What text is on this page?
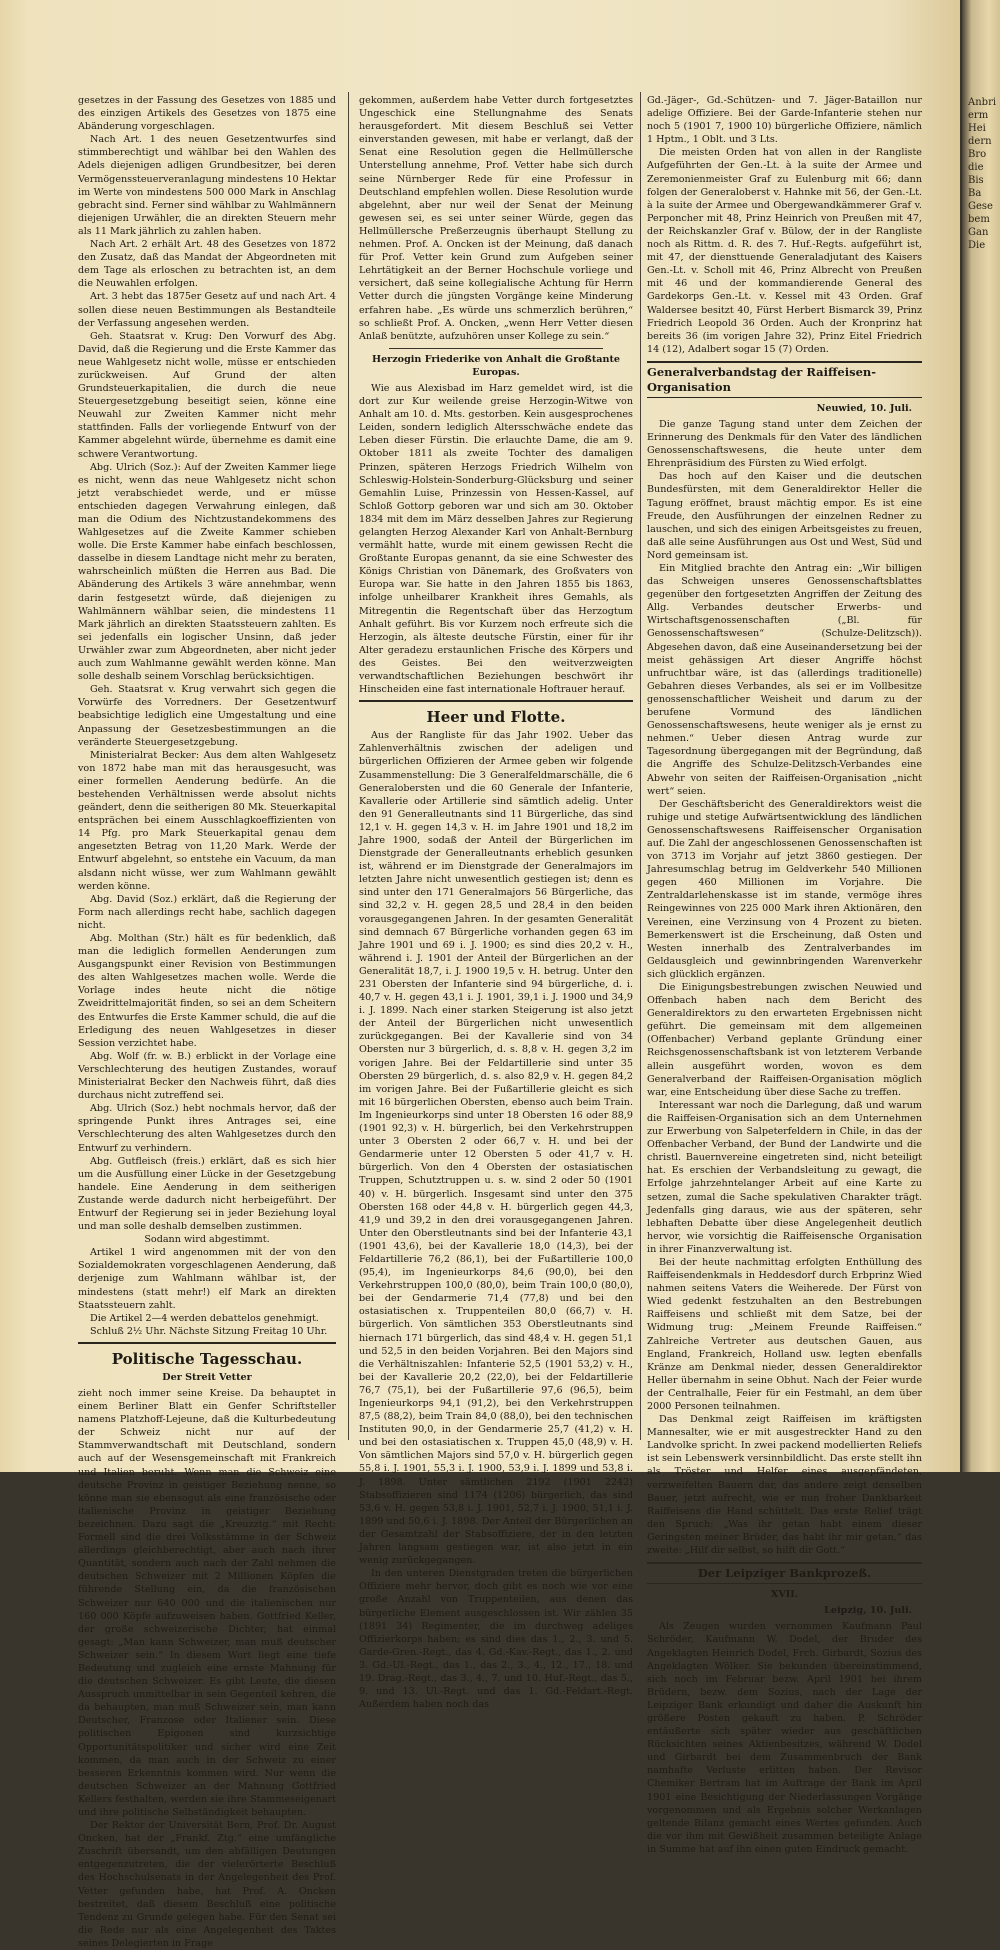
gesetzes in der Fassung des Gesetzes von 1885 und des einzigen Artikels des Gesetzes von 1875 eine Abänderung vorgeschlagen.

Nach Art. 1 des neuen Gesetzentwurfes sind stimmberechtigt und wählbar bei den Wahlen des Adels diejenigen adligen Grundbesitzer, bei deren Vermögenssteuerveranlagung mindestens 10 Hektar im Werte von mindestens 500 000 Mark in Anschlag gebracht sind. Ferner sind wählbar zu Wahlmännern diejenigen Urwähler, die an direkten Steuern mehr als 11 Mark jährlich zu zahlen haben.

Nach Art. 2 erhält Art. 48 des Gesetzes von 1872 den Zusatz, daß das Mandat der Abgeordneten mit dem Tage als erloschen zu betrachten ist, an dem die Neuwahlen erfolgen.

Art. 3 hebt das 1875er Gesetz auf und nach Art. 4 sollen diese neuen Bestimmungen als Bestandteile der Verfassung angesehen werden.

Geh. Staatsrat v. Krug: Den Vorwurf des Abg. David, daß die Regierung und die Erste Kammer das neue Wahlgesetz nicht wolle, müsse er entschieden zurückweisen. Auf Grund der alten Grundsteuerkapitalien, die durch die neue Steuergesetzgebung beseitigt seien, könne eine Neuwahl zur Zweiten Kammer nicht mehr stattfinden. Falls der vorliegende Entwurf von der Kammer abgelehnt würde, übernehme es damit eine schwere Verantwortung.

Abg. Ulrich (Soz.): Auf der Zweiten Kammer liege es nicht, wenn das neue Wahlgesetz nicht schon jetzt verabschiedet werde, und er müsse entschieden dagegen Verwahrung einlegen, daß man die Odium des Nichtzustandekommens des Wahlgesetzes auf die Zweite Kammer schieben wolle. Die Erste Kammer habe einfach beschlossen, dasselbe in diesem Landtage nicht mehr zu beraten, wahrscheinlich müßten die Herren aus Bad. Die Abänderung des Artikels 3 wäre annehmbar, wenn darin festgesetzt würde, daß diejenigen zu Wahlmännern wählbar seien, die mindestens 11 Mark jährlich an direkten Staatssteuern zahlten. Es sei jedenfalls ein logischer Unsinn, daß jeder Urwähler zwar zum Abgeordneten, aber nicht jeder auch zum Wahlmanne gewählt werden könne. Man solle deshalb seinem Vorschlag berücksichtigen.

Geh. Staatsrat v. Krug verwahrt sich gegen die Vorwürfe des Vorredners. Der Gesetzentwurf beabsichtige lediglich eine Umgestaltung und eine Anpassung der Gesetzesbestimmungen an die veränderte Steuergesetzgebung.

Ministerialrat Becker: Aus dem alten Wahlgesetz von 1872 habe man mit das herausgesucht, was einer formellen Aenderung bedürfe. An die bestehenden Verhältnissen werde absolut nichts geändert, denn die seitherigen 80 Mk. Steuerkapital entsprächen bei einem Ausschlagkoeffizienten von 14 Pfg. pro Mark Steuerkapital genau dem angesetzten Betrag von 11,20 Mark. Werde der Entwurf abgelehnt, so entstehe ein Vacuum, da man alsdann nicht wüsse, wer zum Wahlmann gewählt werden könne.

Abg. David (Soz.) erklärt, daß die Regierung der Form nach allerdings recht habe, sachlich dagegen nicht.

Abg. Molthan (Str.) hält es für bedenklich, daß man die lediglich formellen Aenderungen zum Ausgangspunkt einer Revision von Bestimmungen des alten Wahlgesetzes machen wolle. Werde die Vorlage indes heute nicht die nötige Zweidrittelmajorität finden, so sei an dem Scheitern des Entwurfes die Erste Kammer schuld, die auf die Erledigung des neuen Wahlgesetzes in dieser Session verzichtet habe.

Abg. Wolf (fr. w. B.) erblickt in der Vorlage eine Verschlechterung des heutigen Zustandes, worauf Ministerialrat Becker den Nachweis führt, daß dies durchaus nicht zutreffend sei.

Abg. Ulrich (Soz.) hebt nochmals hervor, daß der springende Punkt ihres Antrages sei, eine Verschlechterung des alten Wahlgesetzes durch den Entwurf zu verhindern.

Abg. Gutfleisch (freis.) erklärt, daß es sich hier um die Ausfüllung einer Lücke in der Gesetzgebung handele. Eine Aenderung in dem seitherigen Zustande werde dadurch nicht herbeigeführt. Der Entwurf der Regierung sei in jeder Beziehung loyal und man solle deshalb demselben zustimmen.

Sodann wird abgestimmt.

Artikel 1 wird angenommen mit der von den Sozialdemokraten vorgeschlagenen Aenderung, daß derjenige zum Wahlmann wählbar ist, der mindestens (statt mehr!) elf Mark an direkten Staatssteuern zahlt.

Die Artikel 2—4 werden debattelos genehmigt.

Schluß 2½ Uhr. Nächste Sitzung Freitag 10 Uhr.

Politische Tagesschau.
Der Streit Vetter

zieht noch immer seine Kreise. Da behauptet in einem Berliner Blatt ein Genfer Schriftsteller namens Platzhoff-Lejeune, daß die Kulturbedeutung der Schweiz nicht nur auf der Stammverwandtschaft mit Deutschland, sondern auch auf der Wesensgemeinschaft mit Frankreich und Italien beruht. Wenn man die Schweiz eine deutsche Provinz in geistiger Beziehung nenne, so könne man sie ebensogut als eine französische oder italienische Provinz in geistiger Beziehung bezeichnen. Dazu sagt die „Kreuzztg.“ mit Recht: Formell sind die drei Volksstämme in der Schweiz allerdings gleichberechtigt, aber auch nach ihrer Quantität, sondern auch nach der Zahl nehmen die deutschen Schweizer mit 2 Millionen Köpfen die führende Stellung ein, da die französischen Schweizer nur 640 000 und die italienischen nur 160 000 Köpfe aufzuweisen haben. Gottfried Keller, der große schweizerische Dichter, hat einmal gesagt: „Man kann Schweizer, man muß deutscher Schweizer sein.“ In diesem Wort liegt eine tiefe Bedeutung und zugleich eine ernste Mahnung für die deutschen Schweizer. Es gibt Leute, die diesen Ausspruch unmittelbar in sein Gegenteil kehren, die da behaupten, man muß Schweizer sein, man kann Deutscher, Franzose oder Italiener sein. Diese politischen Epigonen sind kurzsichtige Opportunitätspolitiker und sicher wird eine Zeit kommen, da man auch in der Schweiz zu einer besseren Erkenntnis kommen wird. Nur wenn die deutschen Schweizer an der Mahnung Gottfried Kellers festhalten, werden sie ihre Stammeseigenart und ihre politische Selbständigkeit behaupten.

Der Rektor der Universität Bern, Prof. Dr. August Oncken, hat der „Frankf. Ztg.“ eine umfängliche Zuschrift übersandt, um den abfälligen Deutungen entgegenzutreten, die der vielerörterte Beschluß des Hochschulsenats in der Angelegenheit des Prof. Vetter gefunden habe, hat Prof. A. Oncken bestreitet, daß diesem Beschluß eine politische Tendenz zu Grunde gelegen habe. Für den Senat sei die Rede nur als eine Angelegenheit des Taktes seines Delegierten in Frage

gekommen, außerdem habe Vetter durch fortgesetztes Ungeschick eine Stellungnahme des Senats herausgefordert. Mit diesem Beschluß sei Vetter einverstanden gewesen, mit habe er verlangt, daß der Senat eine Resolution gegen die Hellmüllersche Unterstellung annehme, Prof. Vetter habe sich durch seine Nürnberger Rede für eine Professur in Deutschland empfehlen wollen. Diese Resolution wurde abgelehnt, aber nur weil der Senat der Meinung gewesen sei, es sei unter seiner Würde, gegen das Hellmüllersche Preßerzeugnis überhaupt Stellung zu nehmen. Prof. A. Oncken ist der Meinung, daß danach für Prof. Vetter kein Grund zum Aufgeben seiner Lehrtätigkeit an der Berner Hochschule vorliege und versichert, daß seine kollegialische Achtung für Herrn Vetter durch die jüngsten Vorgänge keine Minderung erfahren habe. „Es würde uns schmerzlich berühren,“ so schließt Prof. A. Oncken, „wenn Herr Vetter diesen Anlaß benützte, aufzuhören unser Kollege zu sein.“

Herzogin Friederike von Anhalt die Großtante Europas.

Wie aus Alexisbad im Harz gemeldet wird, ist die dort zur Kur weilende greise Herzogin-Witwe von Anhalt am 10. d. Mts. gestorben. Kein ausgesprochenes Leiden, sondern lediglich Altersschwäche endete das Leben dieser Fürstin. Die erlauchte Dame, die am 9. Oktober 1811 als zweite Tochter des damaligen Prinzen, späteren Herzogs Friedrich Wilhelm von Schleswig-Holstein-Sonderburg-Glücksburg und seiner Gemahlin Luise, Prinzessin von Hessen-Kassel, auf Schloß Gottorp geboren war und sich am 30. Oktober 1834 mit dem im März desselben Jahres zur Regierung gelangten Herzog Alexander Karl von Anhalt-Bernburg vermählt hatte, wurde mit einem gewissen Recht die Großtante Europas genannt, da sie eine Schwester des Königs Christian von Dänemark, des Großvaters von Europa war. Sie hatte in den Jahren 1855 bis 1863, infolge unheilbarer Krankheit ihres Gemahls, als Mitregentin die Regentschaft über das Herzogtum Anhalt geführt. Bis vor Kurzem noch erfreute sich die Herzogin, als älteste deutsche Fürstin, einer für ihr Alter geradezu erstaunlichen Frische des Körpers und des Geistes. Bei den weitverzweigten verwandtschaftlichen Beziehungen beschwört ihr Hinscheiden eine fast internationale Hoftrauer herauf.

Heer und Flotte.

Aus der Rangliste für das Jahr 1902. Ueber das Zahlenverhältnis zwischen der adeligen und bürgerlichen Offizieren der Armee geben wir folgende Zusammenstellung: Die 3 Generalfeldmarschälle, die 6 Generalobersten und die 60 Generale der Infanterie, Kavallerie oder Artillerie sind sämtlich adelig. Unter den 91 Generalleutnants sind 11 Bürgerliche, das sind 12,1 v. H. gegen 14,3 v. H. im Jahre 1901 und 18,2 im Jahre 1900, sodaß der Anteil der Bürgerlichen im Dienstgrade der Generalleutnants erheblich gesunken ist, während er im Dienstgrade der Generalmajors im letzten Jahre nicht unwesentlich gestiegen ist; denn es sind unter den 171 Generalmajors 56 Bürgerliche, das sind 32,2 v. H. gegen 28,5 und 28,4 in den beiden vorausgegangenen Jahren. In der gesamten Generalität sind demnach 67 Bürgerliche vorhanden gegen 63 im Jahre 1901 und 69 i. J. 1900; es sind dies 20,2 v. H., während i. J. 1901 der Anteil der Bürgerlichen an der Generalität 18,7, i. J. 1900 19,5 v. H. betrug. Unter den 231 Obersten der Infanterie sind 94 bürgerliche, d. i. 40,7 v. H. gegen 43,1 i. J. 1901, 39,1 i. J. 1900 und 34,9 i. J. 1899. Nach einer starken Steigerung ist also jetzt der Anteil der Bürgerlichen nicht unwesentlich zurückgegangen. Bei der Kavallerie sind von 34 Obersten nur 3 bürgerlich, d. s. 8,8 v. H. gegen 3,2 im vorigen Jahre. Bei der Feldartillerie sind unter 35 Obersten 29 bürgerlich, d. s. also 82,9 v. H. gegen 84,2 im vorigen Jahre. Bei der Fußartillerie gleicht es sich mit 16 bürgerlichen Obersten, ebenso auch beim Train. Im Ingenieurkorps sind unter 18 Obersten 16 oder 88,9 (1901 92,3) v. H. bürgerlich, bei den Verkehrstruppen unter 3 Obersten 2 oder 66,7 v. H. und bei der Gendarmerie unter 12 Obersten 5 oder 41,7 v. H. bürgerlich. Von den 4 Obersten der ostasiatischen Truppen, Schutztruppen u. s. w. sind 2 oder 50 (1901 40) v. H. bürgerlich. Insgesamt sind unter den 375 Obersten 168 oder 44,8 v. H. bürgerlich gegen 44,3, 41,9 und 39,2 in den drei vorausgegangenen Jahren. Unter den Oberstleutnants sind bei der Infanterie 43,1 (1901 43,6), bei der Kavallerie 18,0 (14,3), bei der Feldartillerie 76,2 (86,1), bei der Fußartillerie 100,0 (95,4), im Ingenieurkorps 84,6 (90,0), bei den Verkehrstruppen 100,0 (80,0), beim Train 100,0 (80,0), bei der Gendarmerie 71,4 (77,8) und bei den ostasiatischen x. Truppenteilen 80,0 (66,7) v. H. bürgerlich. Von sämtlichen 353 Oberstleutnants sind hiernach 171 bürgerlich, das sind 48,4 v. H. gegen 51,1 und 52,5 in den beiden Vorjahren. Bei den Majors sind die Verhältniszahlen: Infanterie 52,5 (1901 53,2) v. H., bei der Kavallerie 20,2 (22,0), bei der Feldartillerie 76,7 (75,1), bei der Fußartillerie 97,6 (96,5), beim Ingenieurkorps 94,1 (91,2), bei den Verkehrstruppen 87,5 (88,2), beim Train 84,0 (88,0), bei den technischen Instituten 90,0, in der Gendarmerie 25,7 (41,2) v. H. und bei den ostasiatischen x. Truppen 45,0 (48,9) v. H. Von sämtlichen Majors sind 57,0 v. H. bürgerlich gegen 55,8 i. J. 1901, 55,3 i. J. 1900, 53,9 i. J. 1899 und 53,8 i. J. 1898. Unter sämtlichen 2192 (1901 2242) Stabsoffizieren sind 1174 (1206) bürgerlich, das sind 53,6 v. H. gegen 53,8 i. J. 1901, 52,7 i. J. 1900, 51,1 i. J. 1899 und 50,6 i. J. 1898. Der Anteil der Bürgerlichen an der Gesamtzahl der Stabsoffiziere, der in den letzten Jahren langsam gestiegen war, ist also jetzt in ein wenig zurückgegangen.

In den unteren Dienstgraden treten die bürgerlichen Offiziere mehr hervor, doch gibt es noch wie vor eine große Anzahl von Truppenteilen, aus denen das bürgerliche Element ausgeschlossen ist. Wir zählen 35 (1891 34) Regimenter, die im durchweg adeliges Offizierkorps haben; es sind dies das 1., 2., 3. und 5. Garde-Gren.-Regt., das 4. Gd.-Kav.-Regt., das 1., 2. und 3. Gd.-Ul.-Regt., das 1., das 2., 3., 4., 12., 17., 18. und 19. Drag.-Regt., das 3., 4., 7. und 10. Huf.-Regt., das 5., 9. und 13. Ul.-Regt. und das 1. Gd.-Feldart.-Regt. Außerdem haben noch das

Gd.-Jäger-, Gd.-Schützen- und 7. Jäger-Bataillon nur adelige Offiziere. Bei der Garde-Infanterie stehen nur noch 5 (1901 7, 1900 10) bürgerliche Offiziere, nämlich 1 Hptm., 1 Oblt. und 3 Lts.

Die meisten Orden hat von allen in der Rangliste Aufgeführten der Gen.-Lt. à la suite der Armee und Zeremonienmeister Graf zu Eulenburg mit 66; dann folgen der Generaloberst v. Hahnke mit 56, der Gen.-Lt. à la suite der Armee und Obergewandkämmerer Graf v. Perponcher mit 48, Prinz Heinrich von Preußen mit 47, der Reichskanzler Graf v. Bülow, der in der Rangliste noch als Rittm. d. R. des 7. Huf.-Regts. aufgeführt ist, mit 47, der diensttuende Generaladjutant des Kaisers Gen.-Lt. v. Scholl mit 46, Prinz Albrecht von Preußen mit 46 und der kommandierende General des Gardekorps Gen.-Lt. v. Kessel mit 43 Orden. Graf Waldersee besitzt 40, Fürst Herbert Bismarck 39, Prinz Friedrich Leopold 36 Orden. Auch der Kronprinz hat bereits 36 (im vorigen Jahre 32), Prinz Eitel Friedrich 14 (12), Adalbert sogar 15 (7) Orden.

Generalverbandstag der Raiffeisen-Organisation
Neuwied, 10. Juli.

Die ganze Tagung stand unter dem Zeichen der Erinnerung des Denkmals für den Vater des ländlichen Genossenschaftswesens, die heute unter dem Ehrenpräsidium des Fürsten zu Wied erfolgt.

Das hoch auf den Kaiser und die deutschen Bundesfürsten, mit dem Generaldirektor Heller die Tagung eröffnet, braust mächtig empor. Es ist eine Freude, den Ausführungen der einzelnen Redner zu lauschen, und sich des einigen Arbeitsgeistes zu freuen, daß alle seine Ausführungen aus Ost und West, Süd und Nord gemeinsam ist.

Ein Mitglied brachte den Antrag ein: „Wir billigen das Schweigen unseres Genossenschaftsblattes gegenüber den fortgesetzten Angriffen der Zeitung des Allg. Verbandes deutscher Erwerbs- und Wirtschaftsgenossenschaften („Bl. für Genossenschaftswesen“ (Schulze-Delitzsch)). Abgesehen davon, daß eine Auseinandersetzung bei der meist gehässigen Art dieser Angriffe höchst unfruchtbar wäre, ist das (allerdings traditionelle) Gebahren dieses Verbandes, als sei er im Vollbesitze genossenschaftlicher Weisheit und darum zu der berufene Vormund des ländlichen Genossenschaftswesens, heute weniger als je ernst zu nehmen.“ Ueber diesen Antrag wurde zur Tagesordnung übergegangen mit der Begründung, daß die Angriffe des Schulze-Delitzsch-Verbandes eine Abwehr von seiten der Raiffeisen-Organisation „nicht wert“ seien.

Der Geschäftsbericht des Generaldirektors weist die ruhige und stetige Aufwärtsentwicklung des ländlichen Genossenschaftswesens Raiffeisenscher Organisation auf. Die Zahl der angeschlossenen Genossenschaften ist von 3713 im Vorjahr auf jetzt 3860 gestiegen. Der Jahresumschlag betrug im Geldverkehr 540 Millionen gegen 460 Millionen im Vorjahre. Die Zentraldarlehenskasse ist im stande, vermöge ihres Reingewinnes von 225 000 Mark ihren Aktionären, den Vereinen, eine Verzinsung von 4 Prozent zu bieten. Bemerkenswert ist die Erscheinung, daß Osten und Westen innerhalb des Zentralverbandes im Geldausgleich und gewinnbringenden Warenverkehr sich glücklich ergänzen.

Die Einigungsbestrebungen zwischen Neuwied und Offenbach haben nach dem Bericht des Generaldirektors zu den erwarteten Ergebnissen nicht geführt. Die gemeinsam mit dem allgemeinen (Offenbacher) Verband geplante Gründung einer Reichsgenossenschaftsbank ist von letzterem Verbande allein ausgeführt worden, wovon es dem Generalverband der Raiffeisen-Organisation möglich war, eine Entscheidung über diese Sache zu treffen.

Interessant war noch die Darlegung, daß und warum die Raiffeisen-Organisation sich an dem Unternehmen zur Erwerbung von Salpeterfeldern in Chile, in das der Offenbacher Verband, der Bund der Landwirte und die christl. Bauernvereine eingetreten sind, nicht beteiligt hat. Es erschien der Verbandsleitung zu gewagt, die Erfolge jahrzehntelanger Arbeit auf eine Karte zu setzen, zumal die Sache spekulativen Charakter trägt. Jedenfalls ging daraus, wie aus der späteren, sehr lebhaften Debatte über diese Angelegenheit deutlich hervor, wie vorsichtig die Raiffeisensche Organisation in ihrer Finanzverwaltung ist.

Bei der heute nachmittag erfolgten Enthüllung des Raiffeisendenkmals in Heddesdorf durch Erbprinz Wied nahmen seitens Vaters die Weiherede. Der Fürst von Wied gedenkt festzuhalten an den Bestrebungen Raiffeisens und schließt mit dem Satze, bei der Widmung trug: „Meinem Freunde Raiffeisen.“ Zahlreiche Vertreter aus deutschen Gauen, aus England, Frankreich, Holland usw. legten ebenfalls Kränze am Denkmal nieder, dessen Generaldirektor Heller übernahm in seine Obhut. Nach der Feier wurde der Centralhalle, Feier für ein Festmahl, an dem über 2000 Personen teilnahmen.

Das Denkmal zeigt Raiffeisen im kräftigsten Mannesalter, wie er mit ausgestreckter Hand zu den Landvolke spricht. In zwei packend modellierten Reliefs ist sein Lebenswerk versinnbildlicht. Das erste stellt ihn als Tröster und Helfer eines ausgepfändeten, verzweifelten Bauern dar, das andere zeigt denselben Bauer, jetzt aufrecht, wie er nun froher Dankbarkeit Raiffeisens die Hand schüttelt. Das erste Relief trägt den Spruch: „Was ihr getan habt einem dieser Geringsten meiner Brüder, das habt ihr mir getan,“ das zweite: „Hilf dir selbst, so hilft dir Gott.“

Der Leipziger Bankprozeß.
XVII.
Leipzig, 10. Juli.

Als Zeugen wurden vernommen Kaufmann Paul Schröder, Kaufmann W. Dodel, der Bruder des Angeklagten Heinrich Dodel, Frch. Girbardt, Sozius des Angeklagten Wölker. Sie bekunden übereinstimmend, sich noch im Februar bezw. April 1901 bei ihrem Brüdern, bezw. dem Sozius, nach der Lage der Leipziger Bank erkundigt und daher die Auskunft hin größere Posten gekauft zu haben. P. Schröder entäußerte sich später wieder aus geschäftlichen Rücksichten seines Aktienbesitzes, während W. Dodel und Girbardt bei dem Zusammenbruch der Bank namhafte Verluste erlitten haben. Der Revisor Chemiker Bertram hat im Auftrage der Bank im April 1901 eine Besichtigung der Niederlassungen Vorgänge vorgenommen und als Ergebnis solcher Werkanlagen geltende Bilanz gemacht eines Wertes gefunden. Auch die vor ihm mit Gewißheit zusammen beteiligte Anlage in Summe hat auf ihn einen guten Eindruck gemacht.

Anbri
erm
Hei
dern
Bro
die
Bis
Ba
Gese
bem
Gan
Die
